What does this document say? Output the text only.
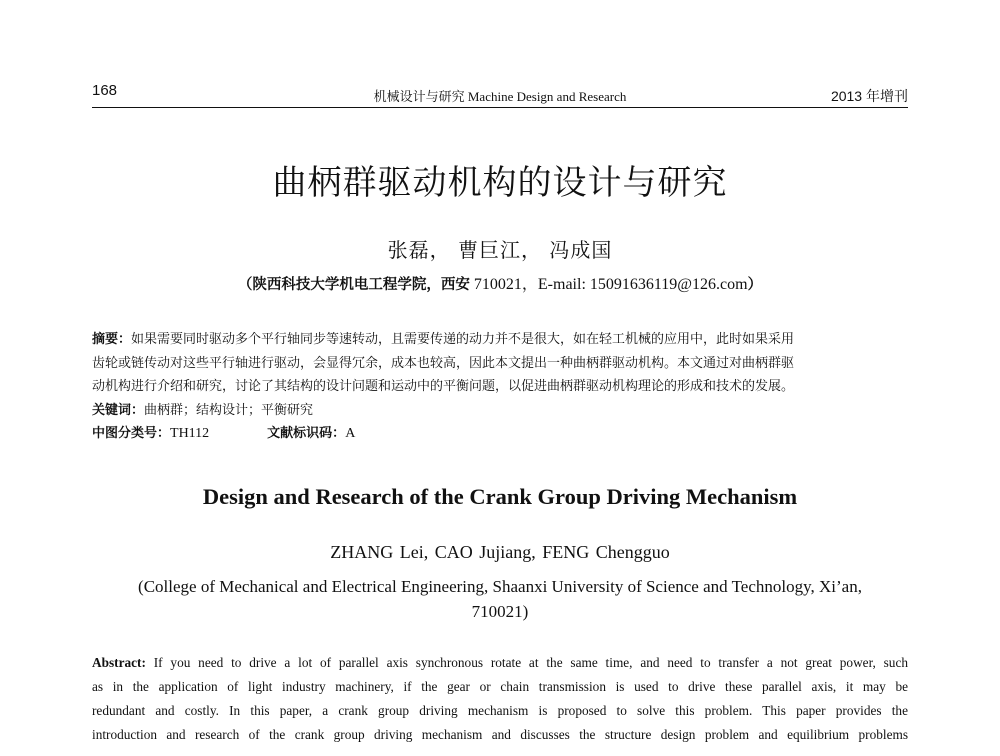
168	机械设计与研究 Machine Design and Research	2013 年增刊
曲柄群驱动机构的设计与研究
张磊， 曹巨江， 冯成国
（陕西科技大学机电工程学院，西安 710021，E-mail: 15091636119@126.com）
摘要：如果需要同时驱动多个平行轴同步等速转动，且需要传递的动力并不是很大，如在轻工机械的应用中，此时如果采用
齿轮或链传动对这些平行轴进行驱动，会显得冗余，成本也较高，因此本文提出一种曲柄群驱动机构。本文通过对曲柄群驱
动机构进行介绍和研究，讨论了其结构的设计问题和运动中的平衡问题，以促进曲柄群驱动机构理论的形成和技术的发展。
关键词：曲柄群；结构设计；平衡研究
中图分类号：TH112	文献标识码：A
Design and Research of the Crank Group Driving Mechanism
ZHANG Lei, CAO Jujiang, FENG Chengguo
(College of Mechanical and Electrical Engineering, Shaanxi University of Science and Technology, Xi’an, 710021)
Abstract: If you need to drive a lot of parallel axis synchronous rotate at the same time, and need to transfer a not great power, such
as in the application of light industry machinery, if the gear or chain transmission is used to drive these parallel axis, it may be
redundant and costly. In this paper, a crank group driving mechanism is proposed to solve this problem. This paper provides the
introduction and research of the crank group driving mechanism and discusses the structure design problem and equilibrium problems
